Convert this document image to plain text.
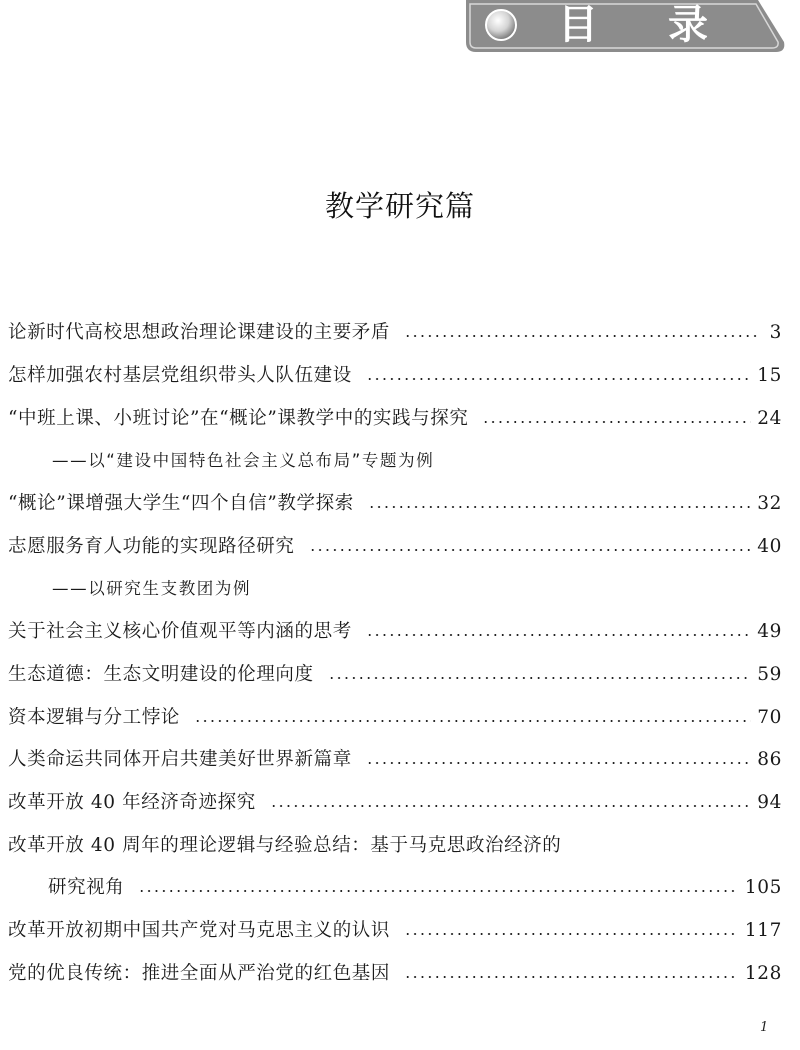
目录
教学研究篇
论新时代高校思想政治理论课建设的主要矛盾	3
怎样加强农村基层党组织带头人队伍建设	15
“中班上课、小班讨论”在“概论”课教学中的实践与探究	24
——以“建设中国特色社会主义总布局”专题为例
“概论”课增强大学生“四个自信”教学探索	32
志愿服务育人功能的实现路径研究	40
——以研究生支教团为例
关于社会主义核心价值观平等内涵的思考	49
生态道德：生态文明建设的伦理向度	59
资本逻辑与分工悖论	70
人类命运共同体开启共建美好世界新篇章	86
改革开放 40 年经济奇迹探究	94
改革开放 40 周年的理论逻辑与经验总结：基于马克思政治经济的
研究视角	105
改革开放初期中国共产党对马克思主义的认识	117
党的优良传统：推进全面从严治党的红色基因	128
1
